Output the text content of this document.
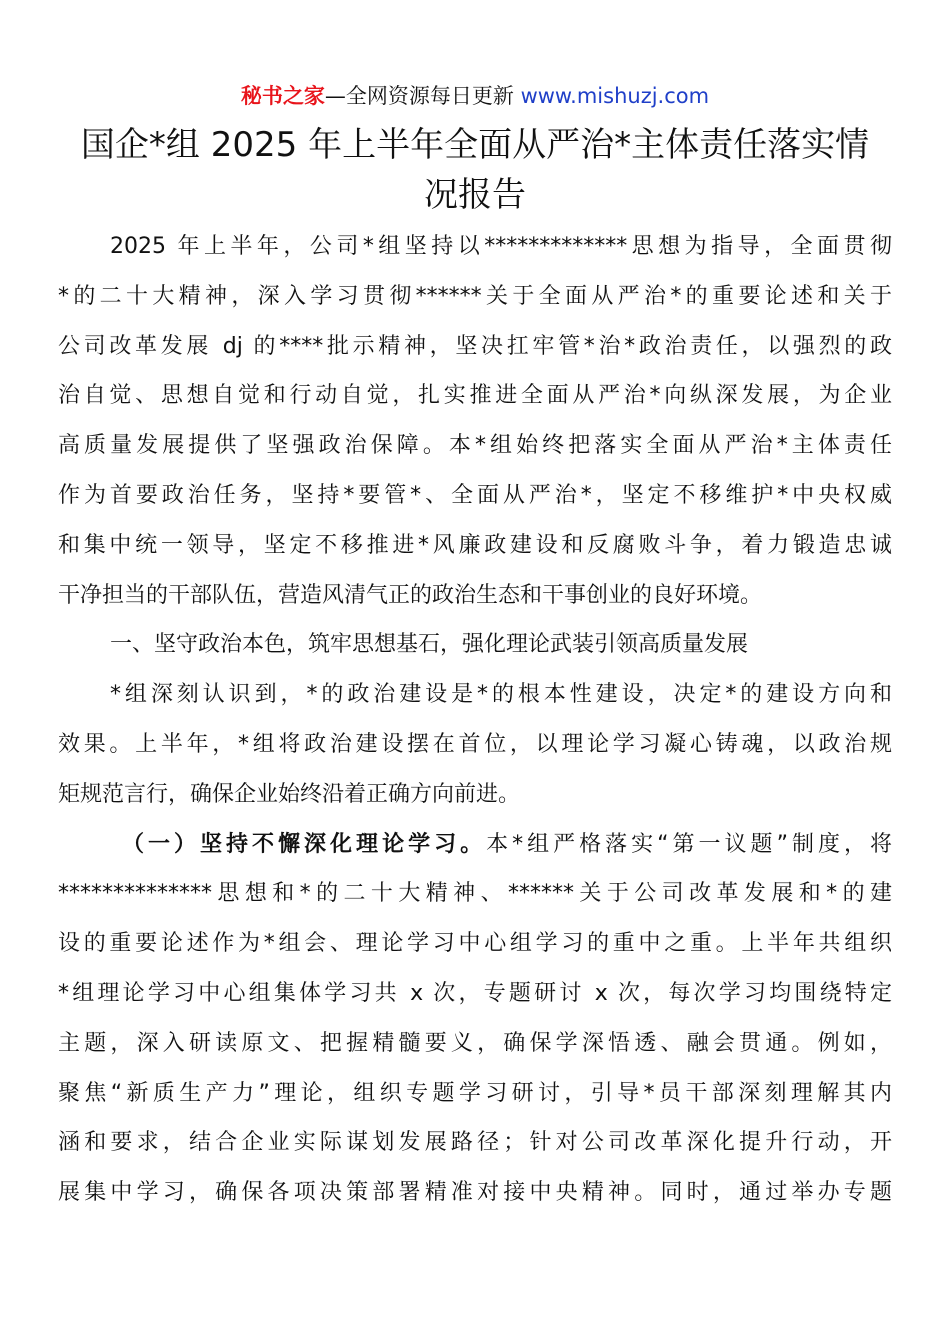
秘书之家—全网资源每日更新 www.mishuzj.com
国企*组 2025 年上半年全面从严治*主体责任落实情
况报告
2025 年上半年，公司*组坚持以*************思想为指导，全面贯彻
*的二十大精神，深入学习贯彻******关于全面从严治*的重要论述和关于
公司改革发展 dj 的****批示精神，坚决扛牢管*治*政治责任，以强烈的政
治自觉、思想自觉和行动自觉，扎实推进全面从严治*向纵深发展，为企业
高质量发展提供了坚强政治保障。本*组始终把落实全面从严治*主体责任
作为首要政治任务，坚持*要管*、全面从严治*，坚定不移维护*中央权威
和集中统一领导，坚定不移推进*风廉政建设和反腐败斗争，着力锻造忠诚
干净担当的干部队伍，营造风清气正的政治生态和干事创业的良好环境。
一、坚守政治本色，筑牢思想基石，强化理论武装引领高质量发展
*组深刻认识到，*的政治建设是*的根本性建设，决定*的建设方向和
效果。上半年，*组将政治建设摆在首位，以理论学习凝心铸魂，以政治规
矩规范言行，确保企业始终沿着正确方向前进。
（一）坚持不懈深化理论学习。本*组严格落实“第一议题”制度，将
**************思想和*的二十大精神、******关于公司改革发展和*的建
设的重要论述作为*组会、理论学习中心组学习的重中之重。上半年共组织
*组理论学习中心组集体学习共 x 次，专题研讨 x 次，每次学习均围绕特定
主题，深入研读原文、把握精髓要义，确保学深悟透、融会贯通。例如，
聚焦“新质生产力”理论，组织专题学习研讨，引导*员干部深刻理解其内
涵和要求，结合企业实际谋划发展路径；针对公司改革深化提升行动，开
展集中学习，确保各项决策部署精准对接中央精神。同时，通过举办专题
